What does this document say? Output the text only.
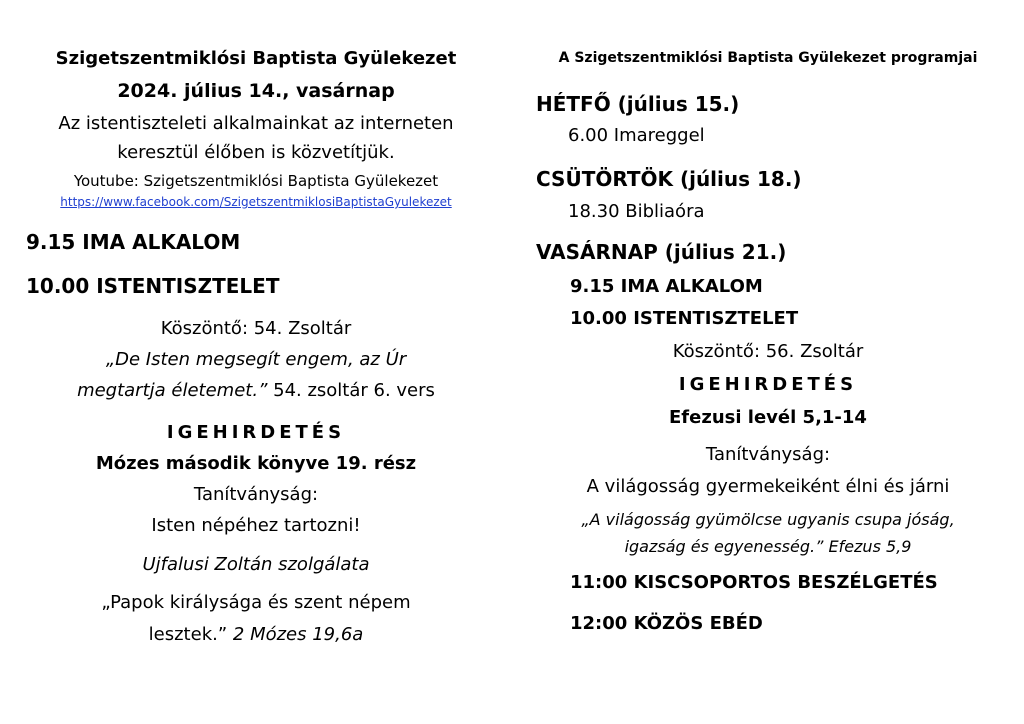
Szigetszentmiklósi Baptista Gyülekezet
2024. július 14., vasárnap
Az istentiszteleti alkalmainkat az interneten
keresztül élőben is közvetítjük.
Youtube: Szigetszentmiklósi Baptista Gyülekezet
https://www.facebook.com/SzigetszentmiklosiBaptistaGyulekezet
9.15 IMA ALKALOM
10.00 ISTENTISZTELET
Köszöntő: 54. Zsoltár
„De Isten megsegít engem, az Úr
megtartja életemet.” 54. zsoltár 6. vers
IGEHIRDETÉS
Mózes második könyve 19. rész
Tanítványság:
Isten népéhez tartozni!
Ujfalusi Zoltán szolgálata
„Papok királysága és szent népem
lesztek.” 2 Mózes 19,6a
A Szigetszentmiklósi Baptista Gyülekezet programjai
HÉTFŐ (július 15.)
6.00 Imareggel
CSÜTÖRTÖK (július 18.)
18.30 Bibliaóra
VASÁRNAP (július 21.)
9.15 IMA ALKALOM
10.00 ISTENTISZTELET
Köszöntő: 56. Zsoltár
IGEHIRDETÉS
Efezusi levél 5,1-14
Tanítványság:
A világosság gyermekeiként élni és járni
„A világosság gyümölcse ugyanis csupa jóság,
igazság és egyenesség.” Efezus 5,9
11:00 KISCSOPORTOS BESZÉLGETÉS
12:00 KÖZÖS EBÉD
